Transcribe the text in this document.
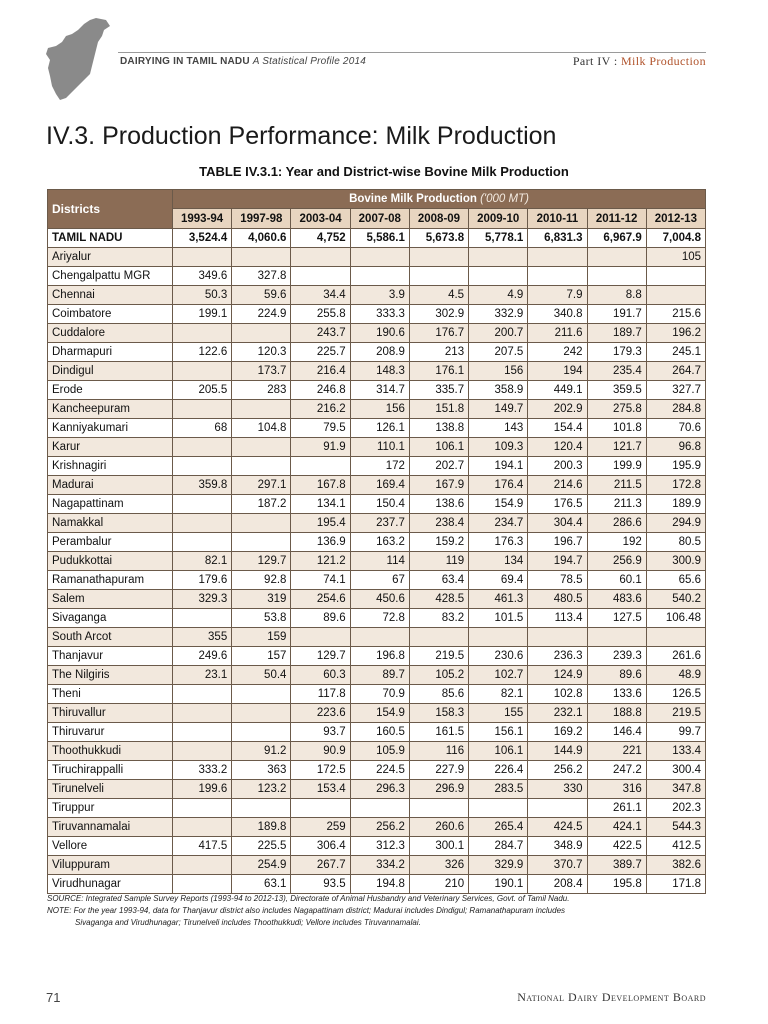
DAIRYING IN TAMIL NADU A Statistical Profile 2014	Part IV : Milk Production
IV.3. Production Performance: Milk Production
TABLE IV.3.1: Year and District-wise Bovine Milk Production
Districts	Bovine Milk Production ('000 MT)								
	1993-94	1997-98	2003-04	2007-08	2008-09	2009-10	2010-11	2011-12	2012-13
TAMIL NADU	3,524.4	4,060.6	4,752	5,586.1	5,673.8	5,778.1	6,831.3	6,967.9	7,004.8
Ariyalur									105
Chengalpattu MGR	349.6	327.8							
Chennai	50.3	59.6	34.4	3.9	4.5	4.9	7.9	8.8	
Coimbatore	199.1	224.9	255.8	333.3	302.9	332.9	340.8	191.7	215.6
Cuddalore			243.7	190.6	176.7	200.7	211.6	189.7	196.2
Dharmapuri	122.6	120.3	225.7	208.9	213	207.5	242	179.3	245.1
Dindigul		173.7	216.4	148.3	176.1	156	194	235.4	264.7
Erode	205.5	283	246.8	314.7	335.7	358.9	449.1	359.5	327.7
Kancheepuram			216.2	156	151.8	149.7	202.9	275.8	284.8
Kanniyakumari	68	104.8	79.5	126.1	138.8	143	154.4	101.8	70.6
Karur			91.9	110.1	106.1	109.3	120.4	121.7	96.8
Krishnagiri				172	202.7	194.1	200.3	199.9	195.9
Madurai	359.8	297.1	167.8	169.4	167.9	176.4	214.6	211.5	172.8
Nagapattinam		187.2	134.1	150.4	138.6	154.9	176.5	211.3	189.9
Namakkal			195.4	237.7	238.4	234.7	304.4	286.6	294.9
Perambalur			136.9	163.2	159.2	176.3	196.7	192	80.5
Pudukkottai	82.1	129.7	121.2	114	119	134	194.7	256.9	300.9
Ramanathapuram	179.6	92.8	74.1	67	63.4	69.4	78.5	60.1	65.6
Salem	329.3	319	254.6	450.6	428.5	461.3	480.5	483.6	540.2
Sivaganga		53.8	89.6	72.8	83.2	101.5	113.4	127.5	106.48
South Arcot	355	159							
Thanjavur	249.6	157	129.7	196.8	219.5	230.6	236.3	239.3	261.6
The Nilgiris	23.1	50.4	60.3	89.7	105.2	102.7	124.9	89.6	48.9
Theni			117.8	70.9	85.6	82.1	102.8	133.6	126.5
Thiruvallur			223.6	154.9	158.3	155	232.1	188.8	219.5
Thiruvarur			93.7	160.5	161.5	156.1	169.2	146.4	99.7
Thoothukkudi		91.2	90.9	105.9	116	106.1	144.9	221	133.4
Tiruchirappalli	333.2	363	172.5	224.5	227.9	226.4	256.2	247.2	300.4
Tirunelveli	199.6	123.2	153.4	296.3	296.9	283.5	330	316	347.8
Tiruppur								261.1	202.3
Tiruvannamalai		189.8	259	256.2	260.6	265.4	424.5	424.1	544.3
Vellore	417.5	225.5	306.4	312.3	300.1	284.7	348.9	422.5	412.5
Viluppuram		254.9	267.7	334.2	326	329.9	370.7	389.7	382.6
Virudhunagar		63.1	93.5	194.8	210	190.1	208.4	195.8	171.8
SOURCE: Integrated Sample Survey Reports (1993-94 to 2012-13), Directorate of Animal Husbandry and Veterinary Services, Govt. of Tamil Nadu.
NOTE: For the year 1993-94, data for Thanjavur district also includes Nagapattinam district; Madurai includes Dindigul; Ramanathapuram includes
Sivaganga and Virudhunagar; Tirunelveli includes Thoothukkudi; Vellore includes Tiruvannamalai.
71	National Dairy Development Board
